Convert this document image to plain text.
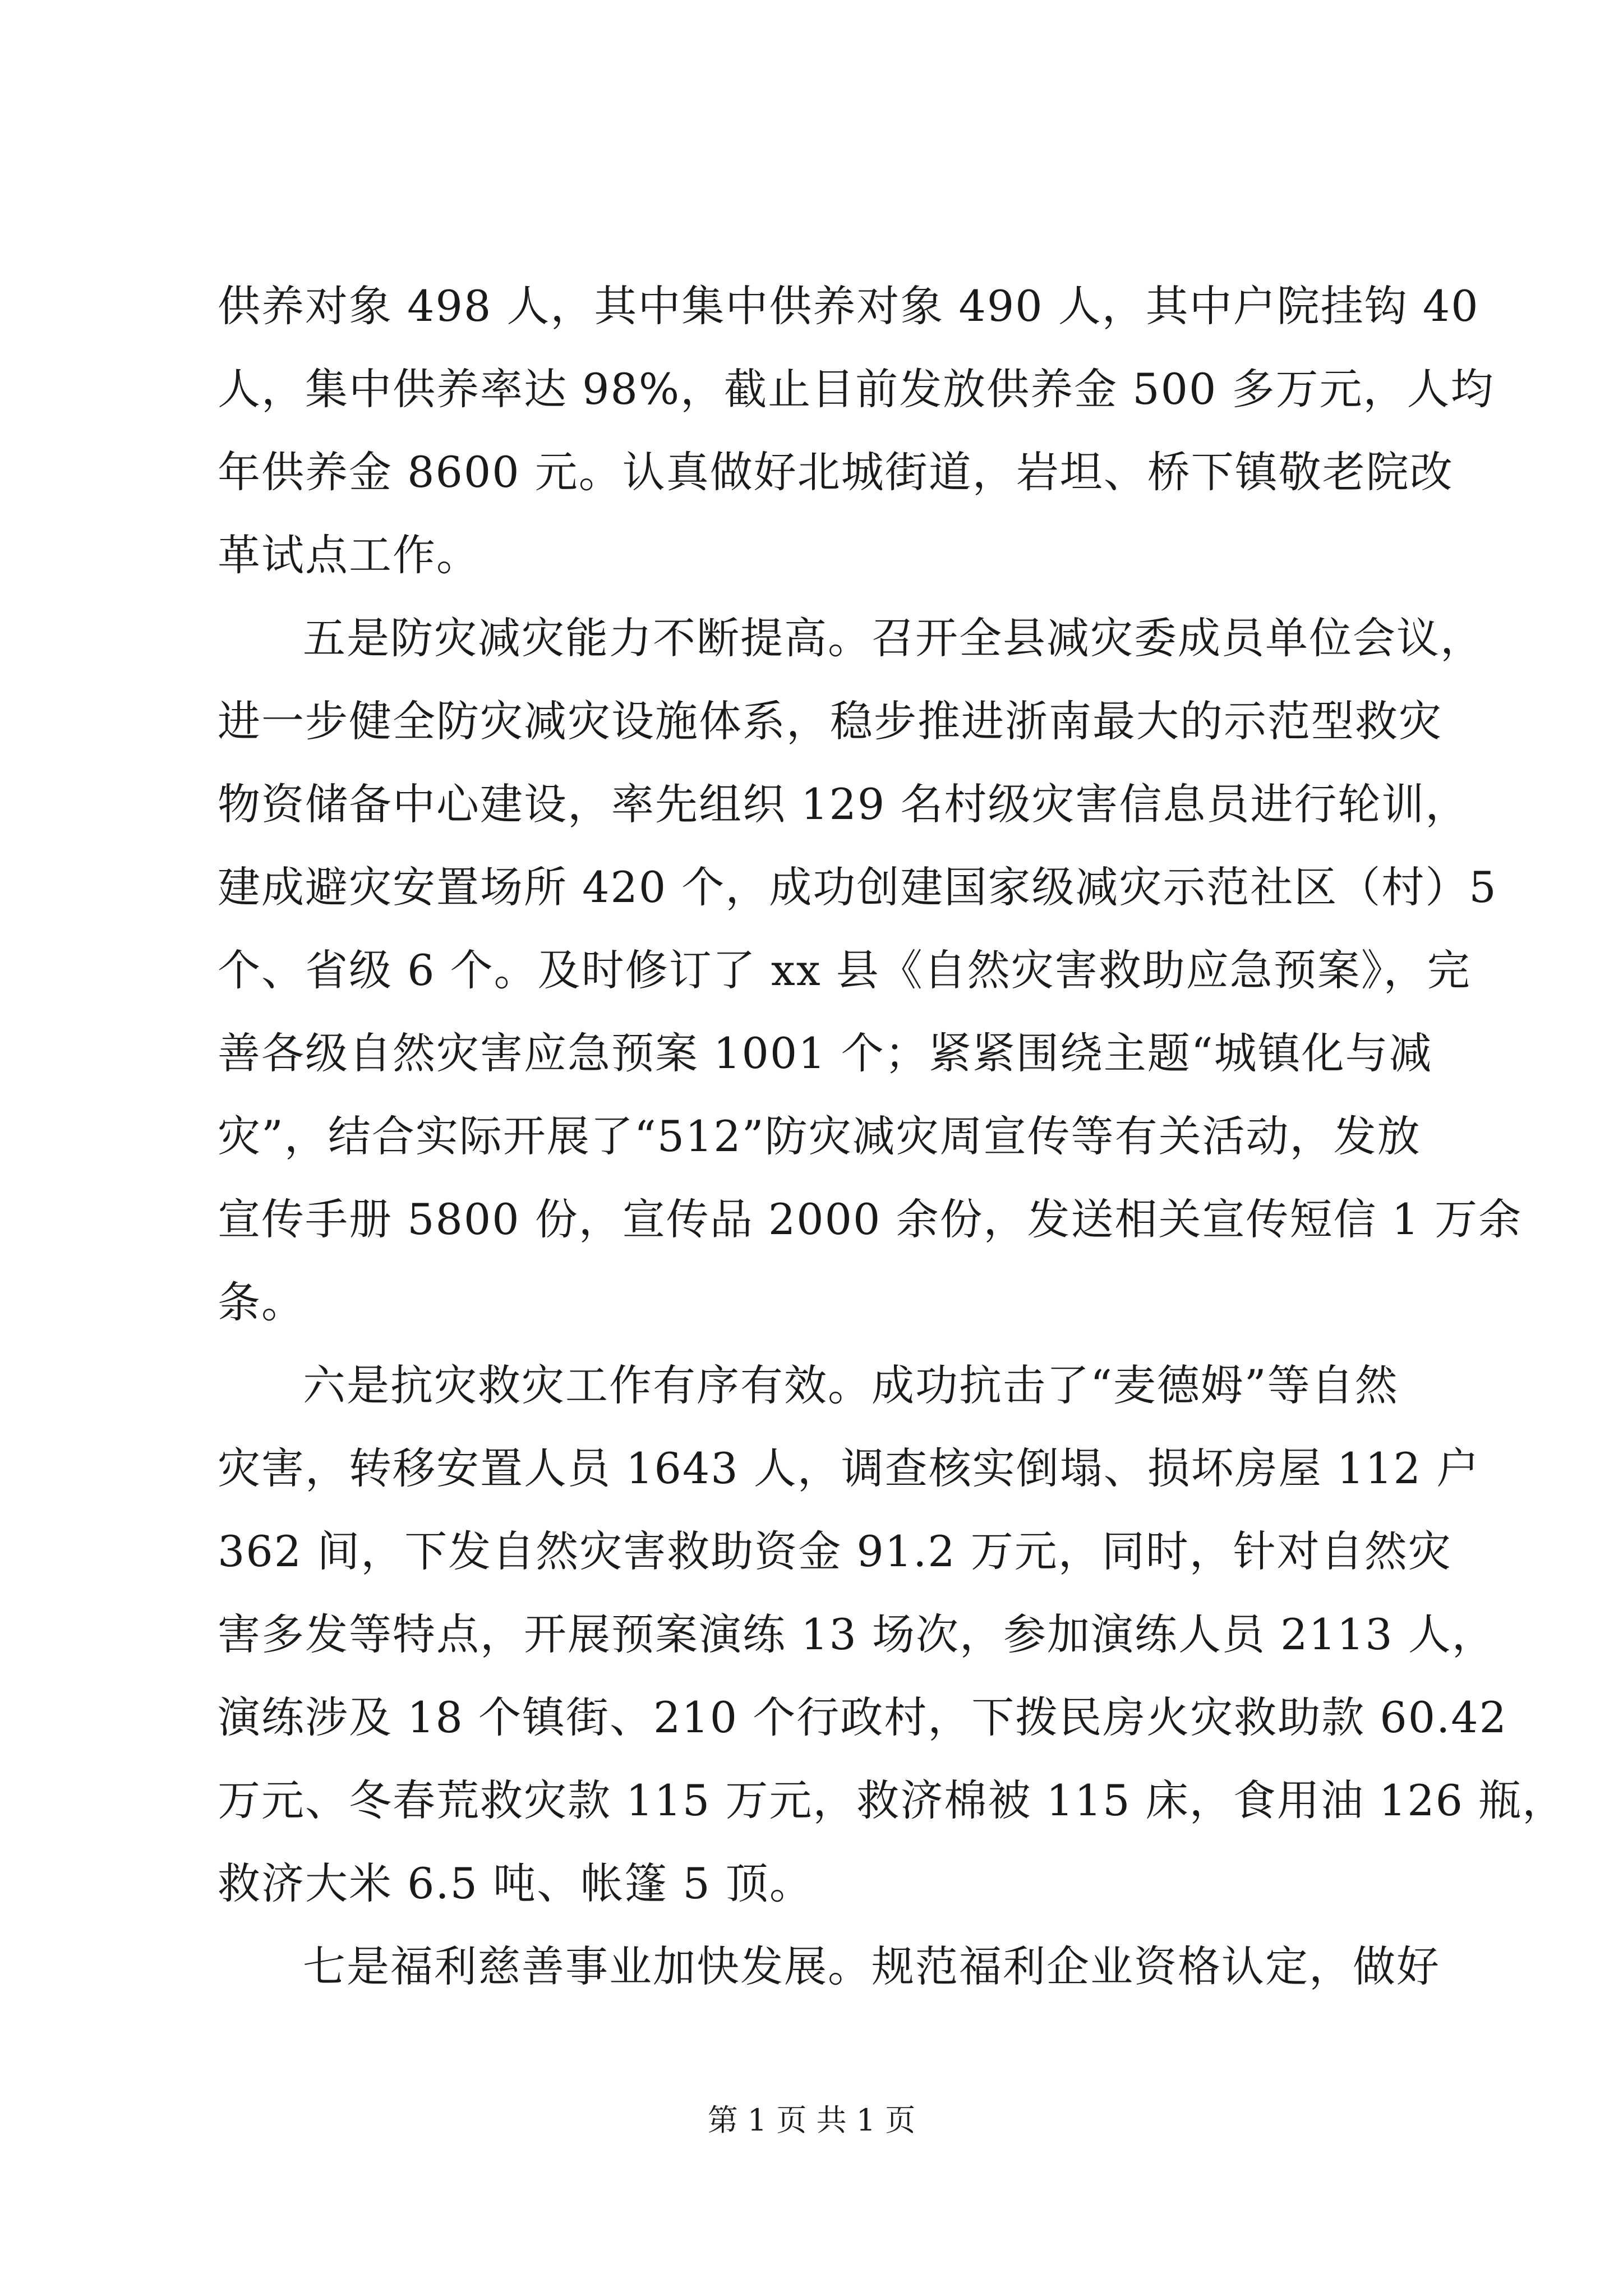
供养对象 498 人，其中集中供养对象 490 人，其中户院挂钩 40
人，集中供养率达 98%，截止目前发放供养金 500 多万元，人均
年供养金 8600 元。认真做好北城街道，岩坦、桥下镇敬老院改
革试点工作。
五是防灾减灾能力不断提高。召开全县减灾委成员单位会议，
进一步健全防灾减灾设施体系，稳步推进浙南最大的示范型救灾
物资储备中心建设，率先组织 129 名村级灾害信息员进行轮训，
建成避灾安置场所 420 个，成功创建国家级减灾示范社区（村）5
个、省级 6 个。及时修订了 xx 县《自然灾害救助应急预案》，完
善各级自然灾害应急预案 1001 个；紧紧围绕主题“城镇化与减
灾”，结合实际开展了“512”防灾减灾周宣传等有关活动，发放
宣传手册 5800 份，宣传品 2000 余份，发送相关宣传短信 1 万余
条。
六是抗灾救灾工作有序有效。成功抗击了“麦德姆”等自然
灾害，转移安置人员 1643 人，调查核实倒塌、损坏房屋 112 户
362 间，下发自然灾害救助资金 91.2 万元，同时，针对自然灾
害多发等特点，开展预案演练 13 场次，参加演练人员 2113 人，
演练涉及 18 个镇街、210 个行政村，下拨民房火灾救助款 60.42
万元、冬春荒救灾款 115 万元，救济棉被 115 床，食用油 126 瓶，
救济大米 6.5 吨、帐篷 5 顶。
七是福利慈善事业加快发展。规范福利企业资格认定，做好
第 1 页 共 1 页
